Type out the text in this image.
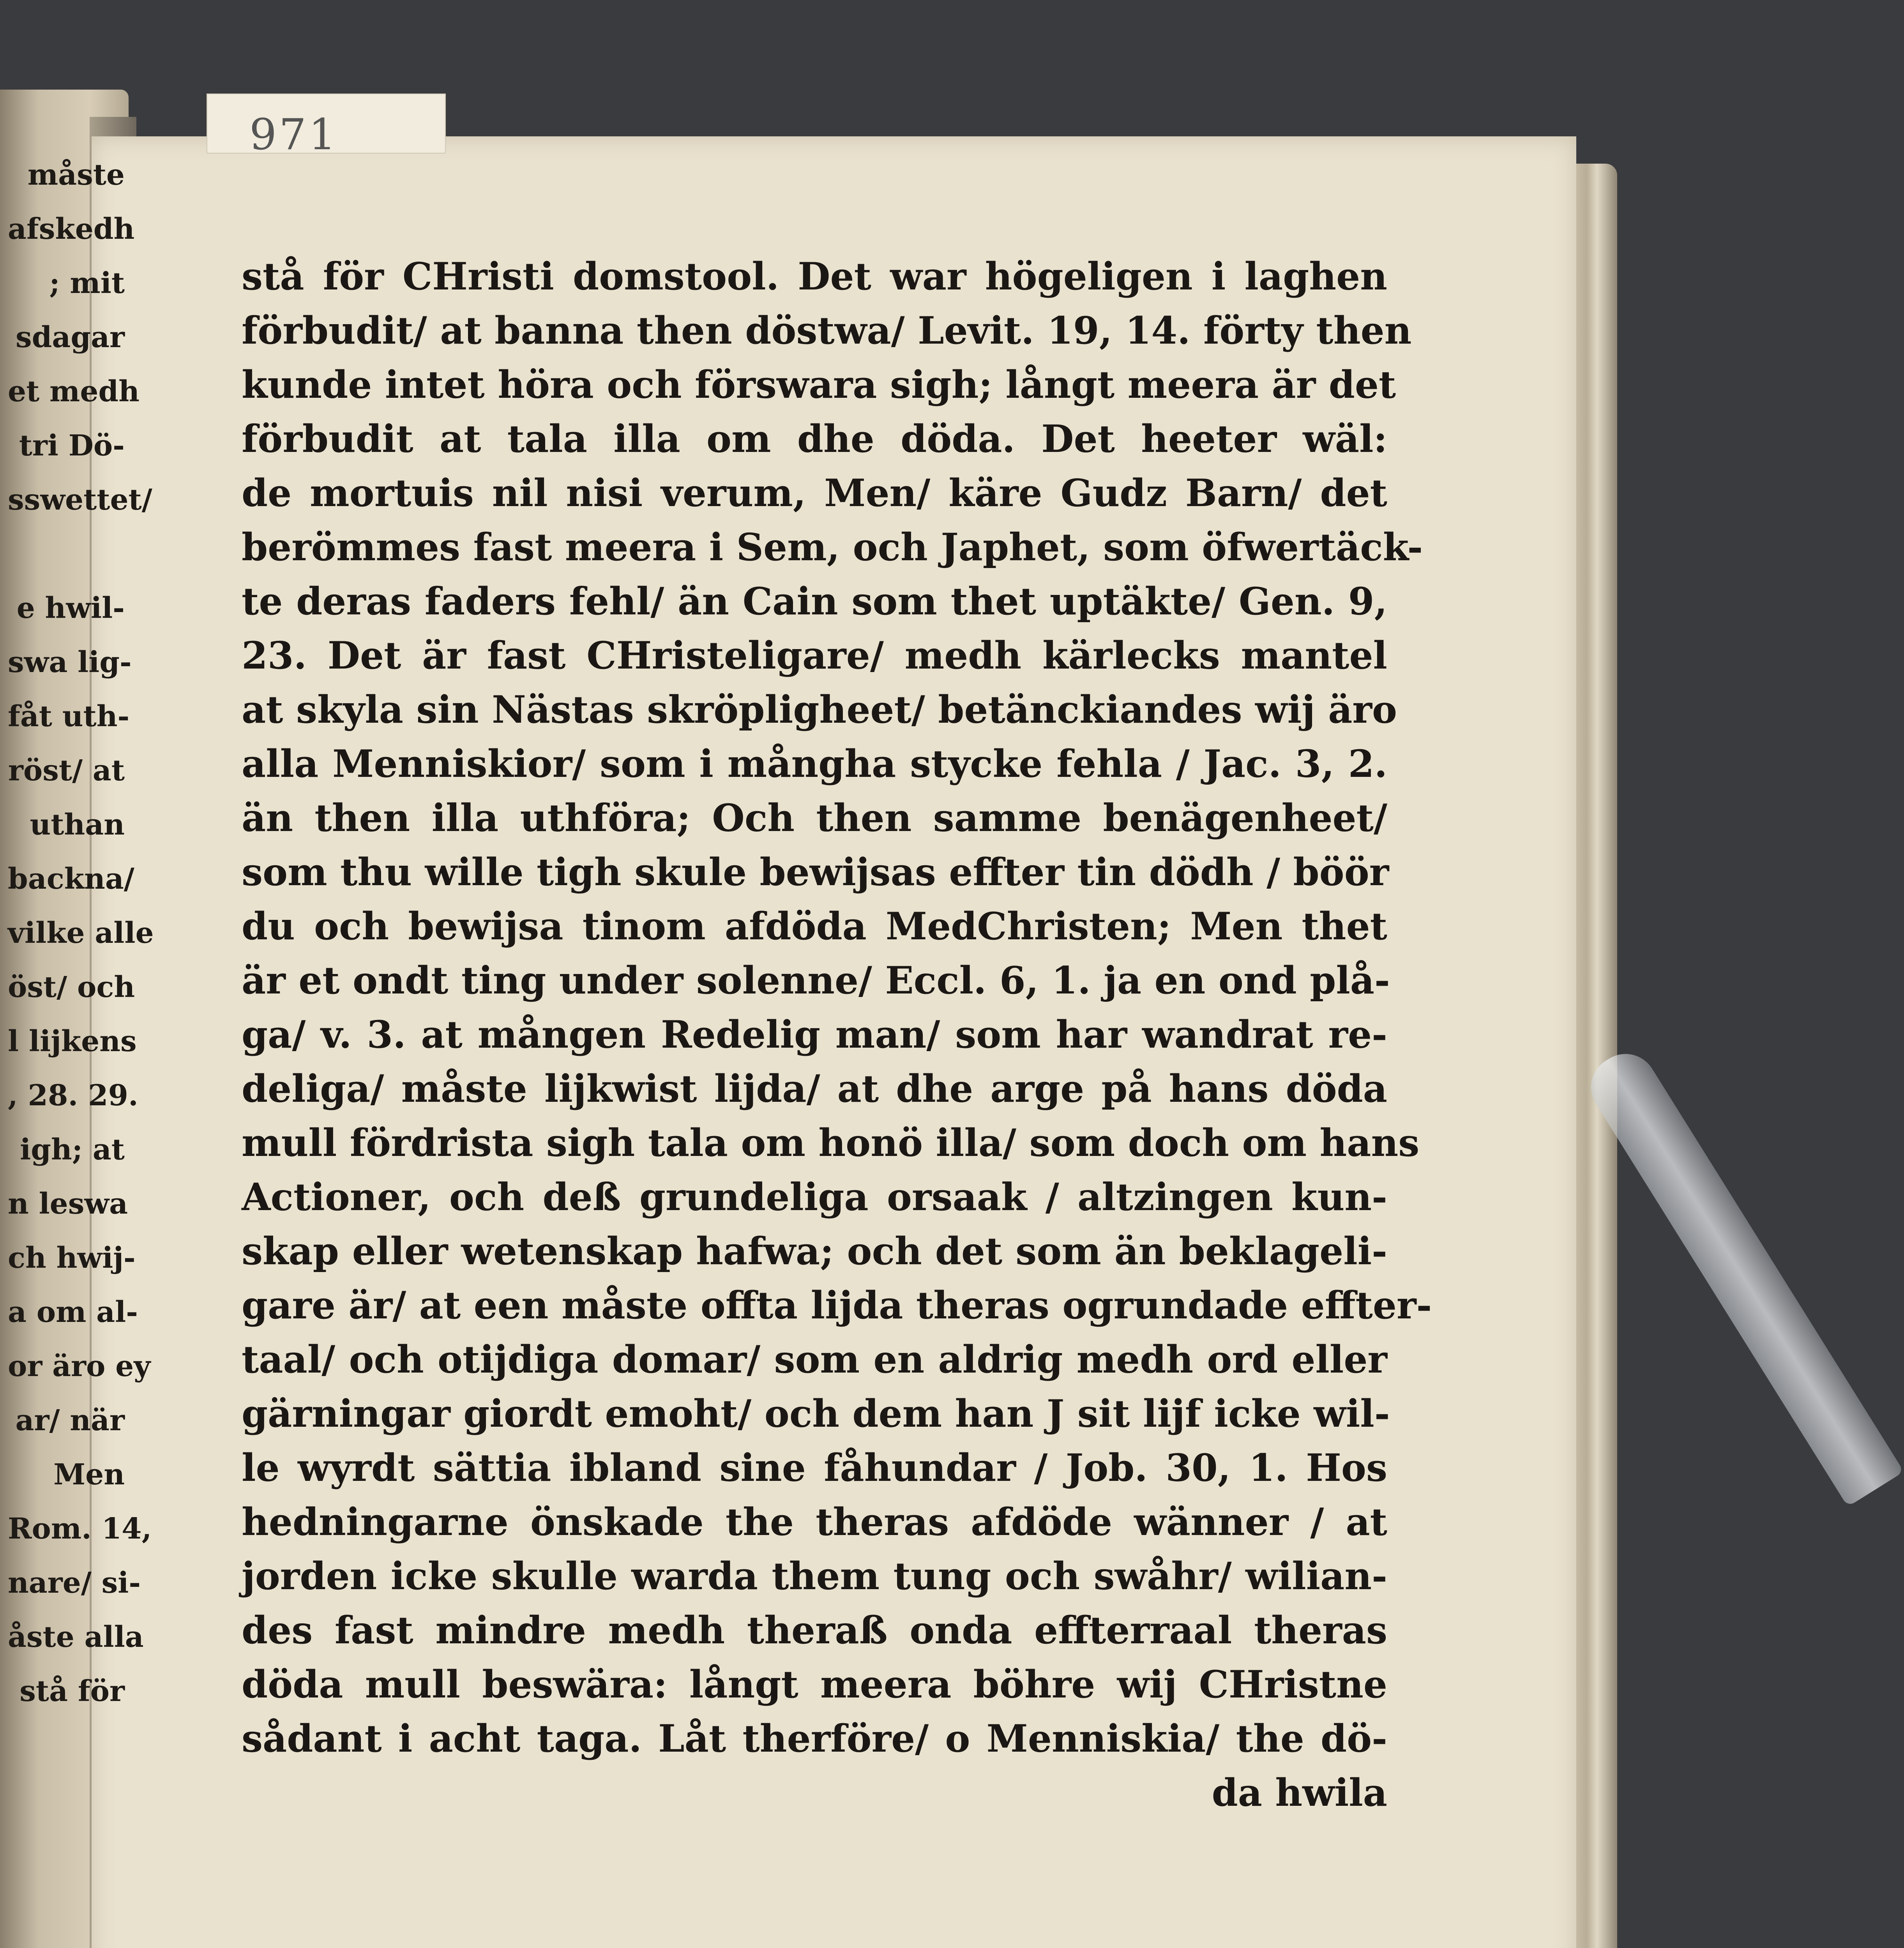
måste
afskedh
; mit
sdagar
et medh
tri Dö-
sswettet/
e hwil-
swa lig-
fåt uth-
röst/ at
uthan
backna/
vilke alle
öst/ och
l lijkens
, 28. 29.
igh; at
n leswa
ch hwij-
a om al-
or äro ey
ar/ när
Men
Rom. 14,
nare/ si-
åste alla
stå för
971
stå för CHristi domstool. Det war högeligen i laghen
förbudit/ at banna then döstwa/ Levit. 19, 14. förty then
kunde intet höra och förswara sigh; långt meera är det
förbudit at tala illa om dhe döda. Det heeter wäl:
de mortuis nil nisi verum, Men/ käre Gudz Barn/ det
berömmes fast meera i Sem, och Japhet, som öfwertäck-
te deras faders fehl/ än Cain som thet uptäkte/ Gen. 9,
23. Det är fast CHristeligare/ medh kärlecks mantel
at skyla sin Nästas skröpligheet/ betänckiandes wij äro
alla Menniskior/ som i mångha stycke fehla / Jac. 3, 2.
än then illa uthföra; Och then samme benägenheet/
som thu wille tigh skule bewijsas effter tin dödh / böör
du och bewijsa tinom afdöda MedChristen; Men thet
är et ondt ting under solenne/ Eccl. 6, 1. ja en ond plå-
ga/ v. 3. at mången Redelig man/ som har wandrat re-
deliga/ måste lijkwist lijda/ at dhe arge på hans döda
mull fördrista sigh tala om honö illa/ som doch om hans
Actioner, och deß grundeliga orsaak / altzingen kun-
skap eller wetenskap hafwa; och det som än beklageli-
gare är/ at een måste offta lijda theras ogrundade effter-
taal/ och otijdiga domar/ som en aldrig medh ord eller
gärningar giordt emoht/ och dem han J sit lijf icke wil-
le wyrdt sättia ibland sine fåhundar / Job. 30, 1. Hos
hedningarne önskade the theras afdöde wänner / at
jorden icke skulle warda them tung och swåhr/ wilian-
des fast mindre medh theraß onda effterraal theras
döda mull beswära: långt meera böhre wij CHristne
sådant i acht taga. Låt therföre/ o Menniskia/ the dö-
da hwila
